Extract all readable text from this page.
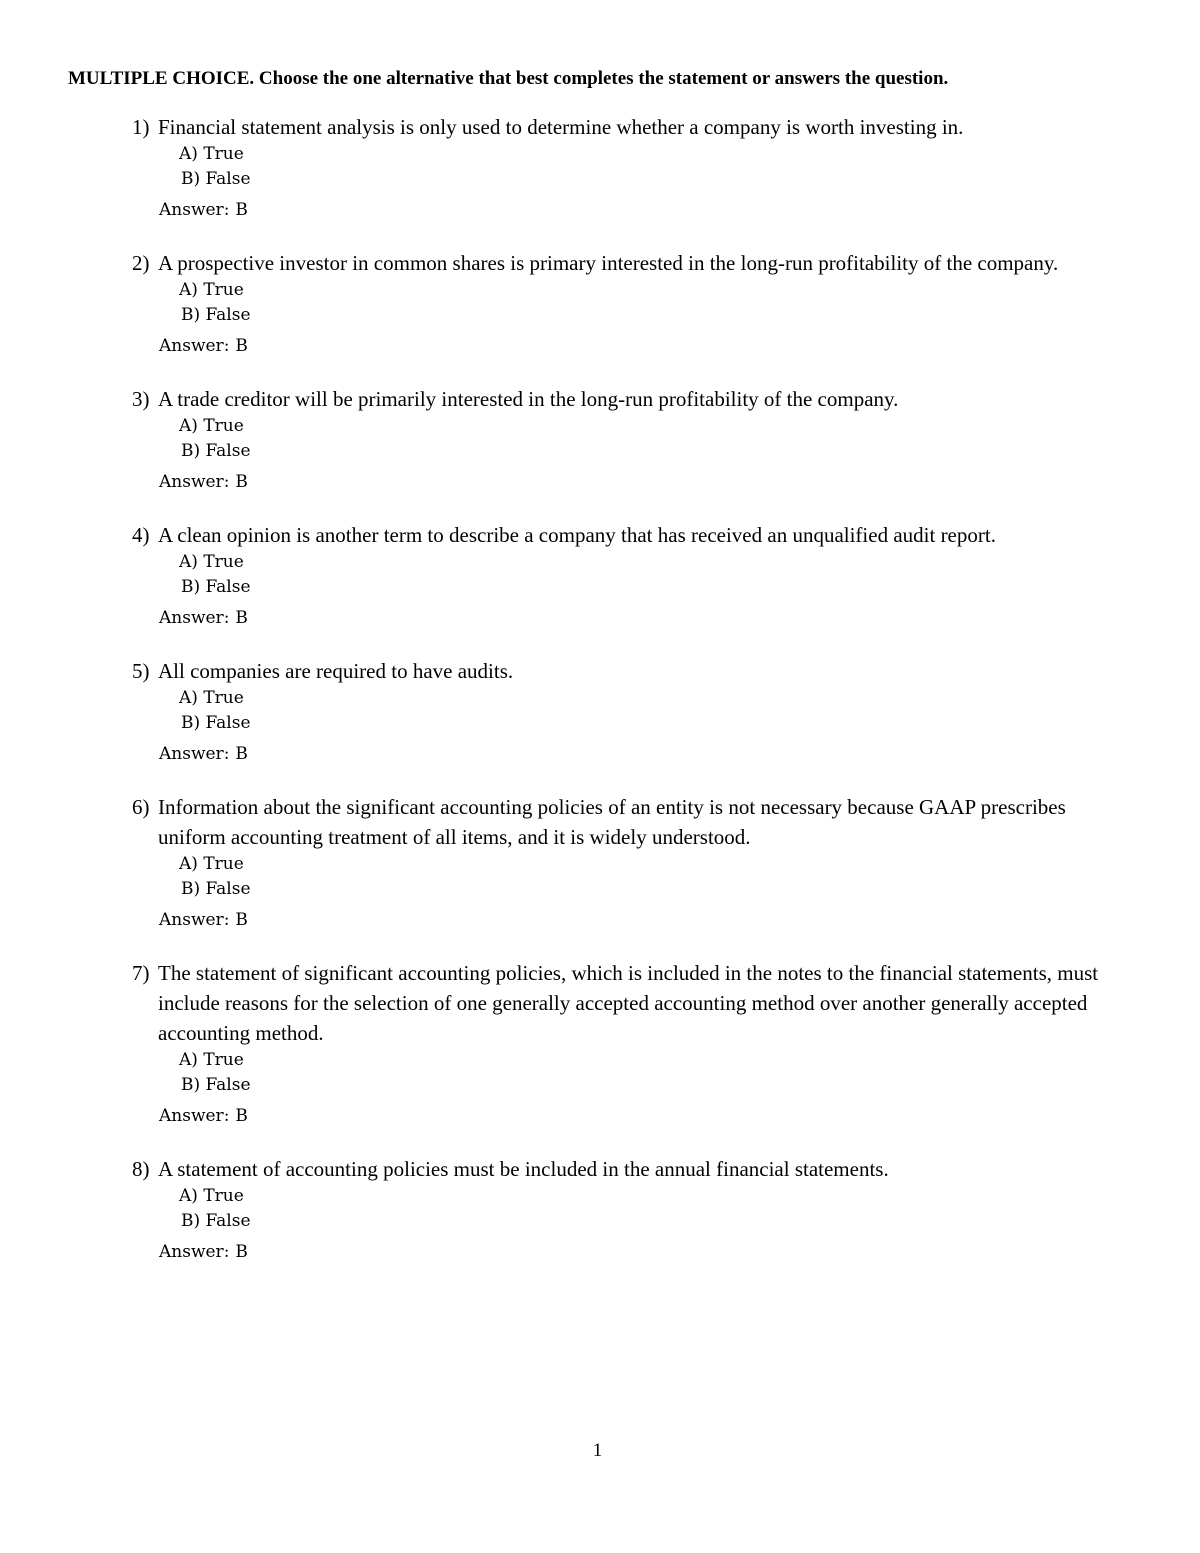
MULTIPLE CHOICE. Choose the one alternative that best completes the statement or answers the question.
1) Financial statement analysis is only used to determine whether a company is worth investing in.
A) True
B) False
Answer: B
2) A prospective investor in common shares is primary interested in the long-run profitability of the company.
A) True
B) False
Answer: B
3) A trade creditor will be primarily interested in the long-run profitability of the company.
A) True
B) False
Answer: B
4) A clean opinion is another term to describe a company that has received an unqualified audit report.
A) True
B) False
Answer: B
5) All companies are required to have audits.
A) True
B) False
Answer: B
6) Information about the significant accounting policies of an entity is not necessary because GAAP prescribes uniform accounting treatment of all items, and it is widely understood.
A) True
B) False
Answer: B
7) The statement of significant accounting policies, which is included in the notes to the financial statements, must include reasons for the selection of one generally accepted accounting method over another generally accepted accounting method.
A) True
B) False
Answer: B
8) A statement of accounting policies must be included in the annual financial statements.
A) True
B) False
Answer: B
1
